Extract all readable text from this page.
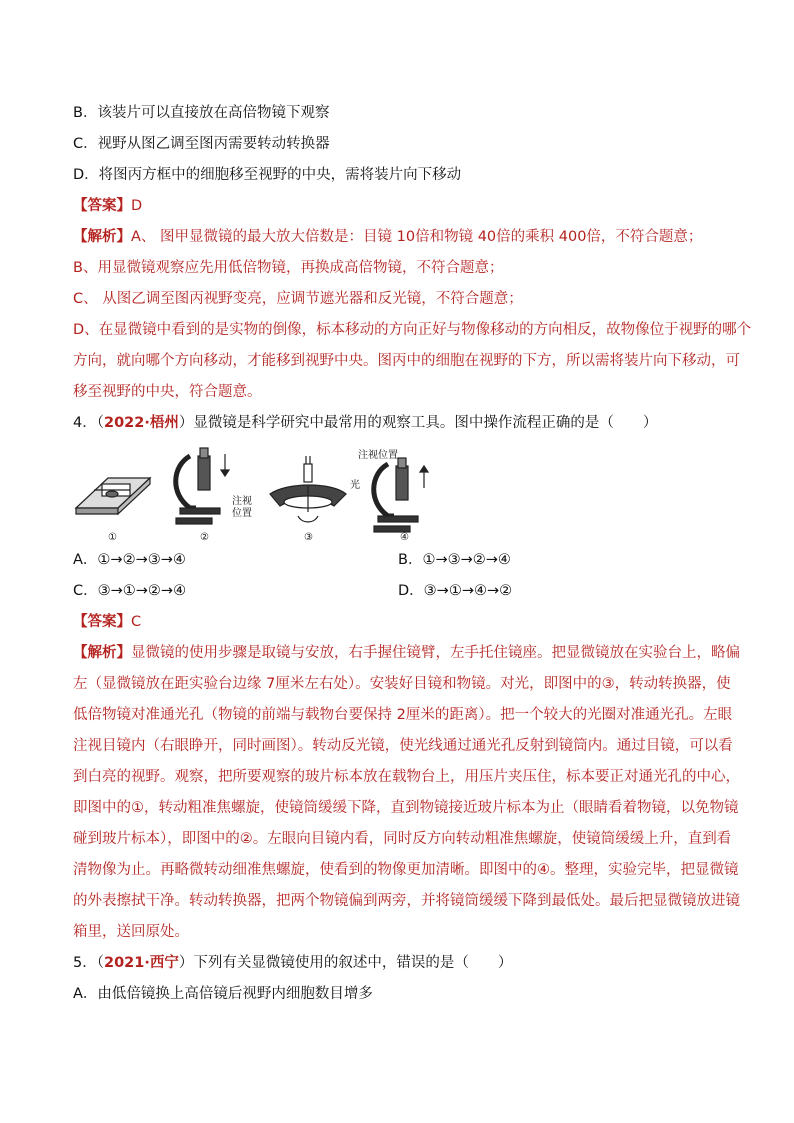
B．该装片可以直接放在高倍物镜下观察
C．视野从图乙调至图丙需要转动转换器
D．将图丙方框中的细胞移至视野的中央，需将装片向下移动
【答案】D
【解析】A、 图甲显微镜的最大放大倍数是：目镜 10倍和物镜 40倍的乘积 400倍，不符合题意；
B、用显微镜观察应先用低倍物镜，再换成高倍物镜，不符合题意；
C、 从图乙调至图丙视野变亮，应调节遮光器和反光镜，不符合题意；
D、在显微镜中看到的是实物的倒像，标本移动的方向正好与物像移动的方向相反，故物像位于视野的哪个
方向，就向哪个方向移动，才能移到视野中央。图丙中的细胞在视野的下方，所以需将装片向下移动，可
移至视野的中央，符合题意。
4．（2022·梧州）显微镜是科学研究中最常用的观察工具。图中操作流程正确的是（　　）
①	②	③	④
注视
位置
光
注视位置
A．①→②→③→④	B．①→③→②→④
C．③→①→②→④	D．③→①→④→②
【答案】C
【解析】显微镜的使用步骤是取镜与安放，右手握住镜臂，左手托住镜座。把显微镜放在实验台上，略偏
左（显微镜放在距实验台边缘 7厘米左右处）。安装好目镜和物镜。对光，即图中的③，转动转换器，使
低倍物镜对准通光孔（物镜的前端与载物台要保持 2厘米的距离）。把一个较大的光圈对准通光孔。左眼
注视目镜内（右眼睁开，同时画图）。转动反光镜，使光线通过通光孔反射到镜筒内。通过目镜，可以看
到白亮的视野。观察，把所要观察的玻片标本放在载物台上，用压片夹压住，标本要正对通光孔的中心，
即图中的①，转动粗准焦螺旋，使镜筒缓缓下降，直到物镜接近玻片标本为止（眼睛看着物镜，以免物镜
碰到玻片标本），即图中的②。左眼向目镜内看，同时反方向转动粗准焦螺旋，使镜筒缓缓上升，直到看
清物像为止。再略微转动细准焦螺旋，使看到的物像更加清晰。即图中的④。整理，实验完毕，把显微镜
的外表擦拭干净。转动转换器，把两个物镜偏到两旁，并将镜筒缓缓下降到最低处。最后把显微镜放进镜
箱里，送回原处。
5．（2021·西宁）下列有关显微镜使用的叙述中，错误的是（　　）
A．由低倍镜换上高倍镜后视野内细胞数目增多
